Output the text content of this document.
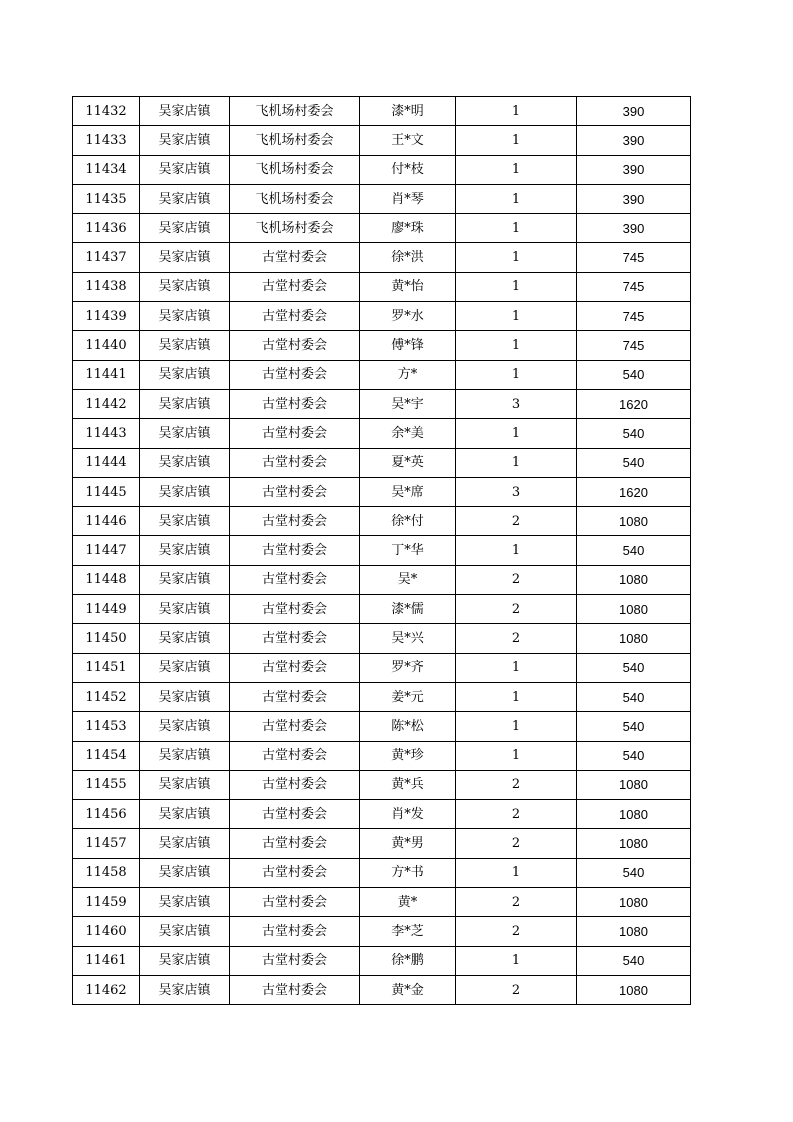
11432	吴家店镇	飞机场村委会	漆*明	1	390
11433	吴家店镇	飞机场村委会	王*文	1	390
11434	吴家店镇	飞机场村委会	付*枝	1	390
11435	吴家店镇	飞机场村委会	肖*琴	1	390
11436	吴家店镇	飞机场村委会	廖*珠	1	390
11437	吴家店镇	古堂村委会	徐*洪	1	745
11438	吴家店镇	古堂村委会	黄*怡	1	745
11439	吴家店镇	古堂村委会	罗*水	1	745
11440	吴家店镇	古堂村委会	傅*锋	1	745
11441	吴家店镇	古堂村委会	方*	1	540
11442	吴家店镇	古堂村委会	吴*宇	3	1620
11443	吴家店镇	古堂村委会	余*美	1	540
11444	吴家店镇	古堂村委会	夏*英	1	540
11445	吴家店镇	古堂村委会	吴*席	3	1620
11446	吴家店镇	古堂村委会	徐*付	2	1080
11447	吴家店镇	古堂村委会	丁*华	1	540
11448	吴家店镇	古堂村委会	吴*	2	1080
11449	吴家店镇	古堂村委会	漆*儒	2	1080
11450	吴家店镇	古堂村委会	吴*兴	2	1080
11451	吴家店镇	古堂村委会	罗*齐	1	540
11452	吴家店镇	古堂村委会	姜*元	1	540
11453	吴家店镇	古堂村委会	陈*松	1	540
11454	吴家店镇	古堂村委会	黄*珍	1	540
11455	吴家店镇	古堂村委会	黄*兵	2	1080
11456	吴家店镇	古堂村委会	肖*发	2	1080
11457	吴家店镇	古堂村委会	黄*男	2	1080
11458	吴家店镇	古堂村委会	方*书	1	540
11459	吴家店镇	古堂村委会	黄*	2	1080
11460	吴家店镇	古堂村委会	李*芝	2	1080
11461	吴家店镇	古堂村委会	徐*鹏	1	540
11462	吴家店镇	古堂村委会	黄*金	2	1080
